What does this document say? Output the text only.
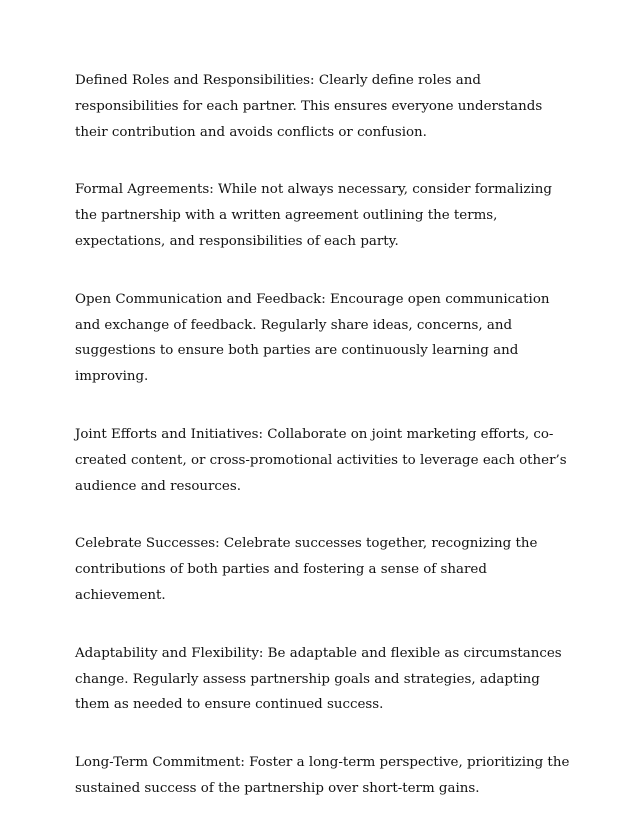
Defined Roles and Responsibilities: Clearly define roles and responsibilities for each partner. This ensures everyone understands their contribution and avoids conflicts or confusion.

Formal Agreements: While not always necessary, consider formalizing the partnership with a written agreement outlining the terms, expectations, and responsibilities of each party.

Open Communication and Feedback: Encourage open communication and exchange of feedback. Regularly share ideas, concerns, and suggestions to ensure both parties are continuously learning and improving.

Joint Efforts and Initiatives: Collaborate on joint marketing efforts, co-created content, or cross-promotional activities to leverage each other’s audience and resources.

Celebrate Successes: Celebrate successes together, recognizing the contributions of both parties and fostering a sense of shared achievement.

Adaptability and Flexibility: Be adaptable and flexible as circumstances change. Regularly assess partnership goals and strategies, adapting them as needed to ensure continued success.

Long-Term Commitment: Foster a long-term perspective, prioritizing the sustained success of the partnership over short-term gains.
